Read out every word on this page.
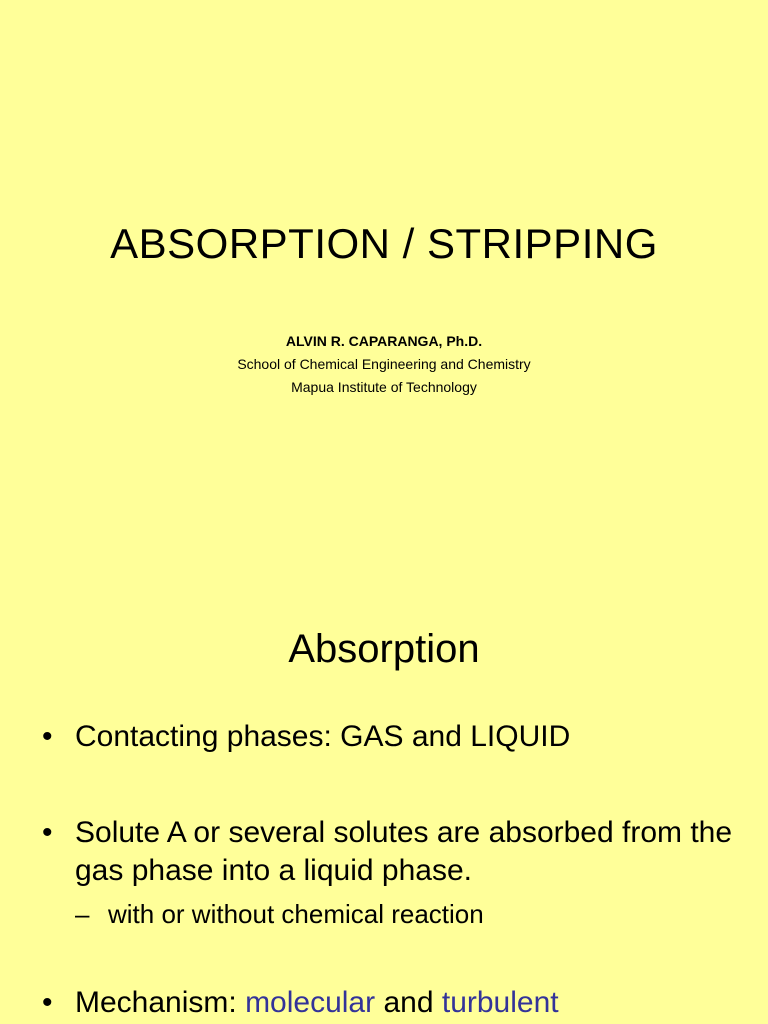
ABSORPTION / STRIPPING
ALVIN R. CAPARANGA, Ph.D.
School of Chemical Engineering and Chemistry
Mapua Institute of Technology
Absorption
• Contacting phases: GAS and LIQUID
• Solute A or several solutes are absorbed from the gas phase into a liquid phase.
– with or without chemical reaction
• Mechanism: molecular and turbulent
